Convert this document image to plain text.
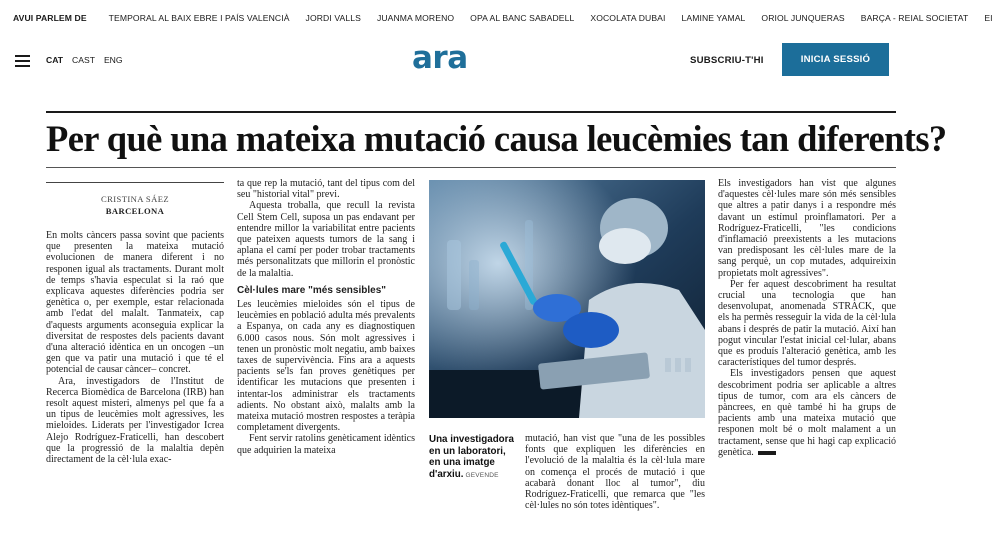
AVUI PARLEM DE	TEMPORAL AL BAIX EBRE I PAÍS VALENCIÀ JORDI VALLS JUANMA MORENO OPA AL BANC SABADELL XOCOLATA DUBAI LAMINE YAMAL ORIOL JUNQUERAS BARÇA - REIAL SOCIETAT EI
CAT CAST ENG	ara	SUBSCRIU-T'HI	INICIA SESSIÓ
Per què una mateixa mutació causa leucèmies tan diferents?
CRISTINA SÁEZ
BARCELONA

En molts càncers passa sovint que pacients que presenten la mateixa mutació evolucionen de manera diferent i no responen igual als tractaments. Durant molt de temps s'havia especulat si la raó que explicava aquestes diferències podria ser genètica o, per exemple, estar relacionada amb l'edat del malalt. Tanmateix, cap d'aquests arguments aconseguia explicar la diversitat de respostes dels pacients davant d'una alteració idèntica en un oncogen –un gen que va patir una mutació i que té el potencial de causar càncer– concret.

Ara, investigadors de l'Institut de Recerca Biomèdica de Barcelona (IRB) han resolt aquest misteri, almenys pel que fa a un tipus de leucèmies molt agressives, les mieloides. Liderats per l'investigador Icrea Alejo Rodríguez-Fraticelli, han descobert que la progressió de la malaltia depèn directament de la cèl·lula exac-

ta que rep la mutació, tant del tipus com del seu "historial vital" previ.

Aquesta troballa, que recull la revista Cell Stem Cell, suposa un pas endavant per entendre millor la variabilitat entre pacients que pateixen aquests tumors de la sang i aplana el camí per poder trobar tractaments més personalitzats que millorin el pronòstic de la malaltia.

Cèl·lules mare "més sensibles"

Les leucèmies mieloides són el tipus de leucèmies en població adulta més prevalents a Espanya, on cada any es diagnostiquen 6.000 casos nous. Són molt agressives i tenen un pronòstic molt negatiu, amb baixes taxes de supervivència. Fins ara a aquests pacients se'ls fan proves genètiques per identificar les mutacions que presenten i intentar-los administrar els tractaments adients. No obstant això, malalts amb la mateixa mutació mostren respostes a teràpia completament divergents.

Fent servir ratolins genèticament idèntics que adquirien la mateixa

Una investigadora en un laboratori, en una imatge d'arxiu. GEVENDE

mutació, han vist que "una de les possibles fonts que expliquen les diferències en l'evolució de la malaltia és la cèl·lula mare on comença el procés de mutació i que acabarà donant lloc al tumor", diu Rodríguez-Fraticelli, que remarca que "les cèl·lules no són totes idèntiques".

Els investigadors han vist que algunes d'aquestes cèl·lules mare són més sensibles que altres a patir danys i a respondre més davant un estímul proinflamatori. Per a Rodríguez-Fraticelli, "les condicions d'inflamació preexistents a les mutacions van predisposant les cèl·lules mare de la sang perquè, un cop mutades, adquireixin propietats molt agressives".

Per fer aquest descobriment ha resultat crucial una tecnologia que han desenvolupat, anomenada STRACK, que els ha permès resseguir la vida de la cèl·lula abans i després de patir la mutació. Així han pogut vincular l'estat inicial cel·lular, abans que es produís l'alteració genètica, amb les característiques del tumor després.

Els investigadors pensen que aquest descobriment podria ser aplicable a altres tipus de tumor, com ara els càncers de pàncrees, en què també hi ha grups de pacients amb una mateixa mutació que responen molt bé o molt malament a un tractament, sense que hi hagi cap explicació genètica.
